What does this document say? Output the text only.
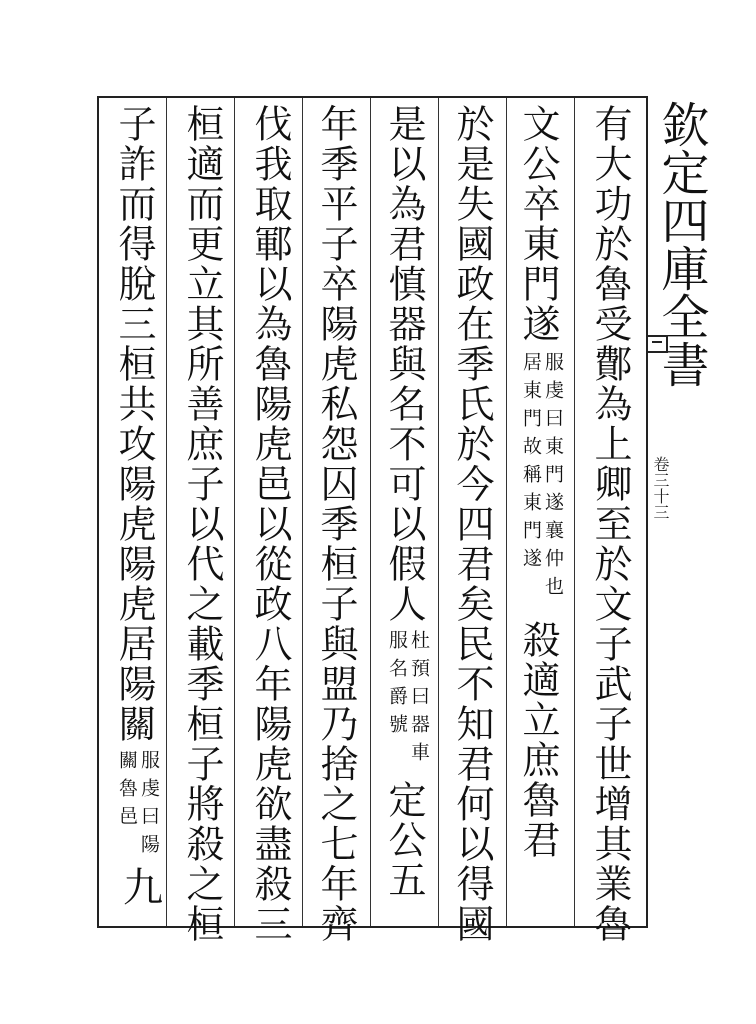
欽定四庫全書
卷三十三
有大功於魯受鄪為上卿至於文子武子世增其業魯
文公卒東門遂
服虔曰東門遂襄仲也
居東門故稱東門遂
殺適立庶魯君
於是失國政在季氏於今四君矣民不知君何以得國
是以為君慎器與名不可以假人
杜預曰器車
服名爵號
定公五
年季平子卒陽虎私怨囚季桓子與盟乃捨之七年齊
伐我取鄆以為魯陽虎邑以從政八年陽虎欲盡殺三
桓適而更立其所善庶子以代之載季桓子將殺之桓
子詐而得脫三桓共攻陽虎陽虎居陽關
服虔曰陽
關魯邑
九
